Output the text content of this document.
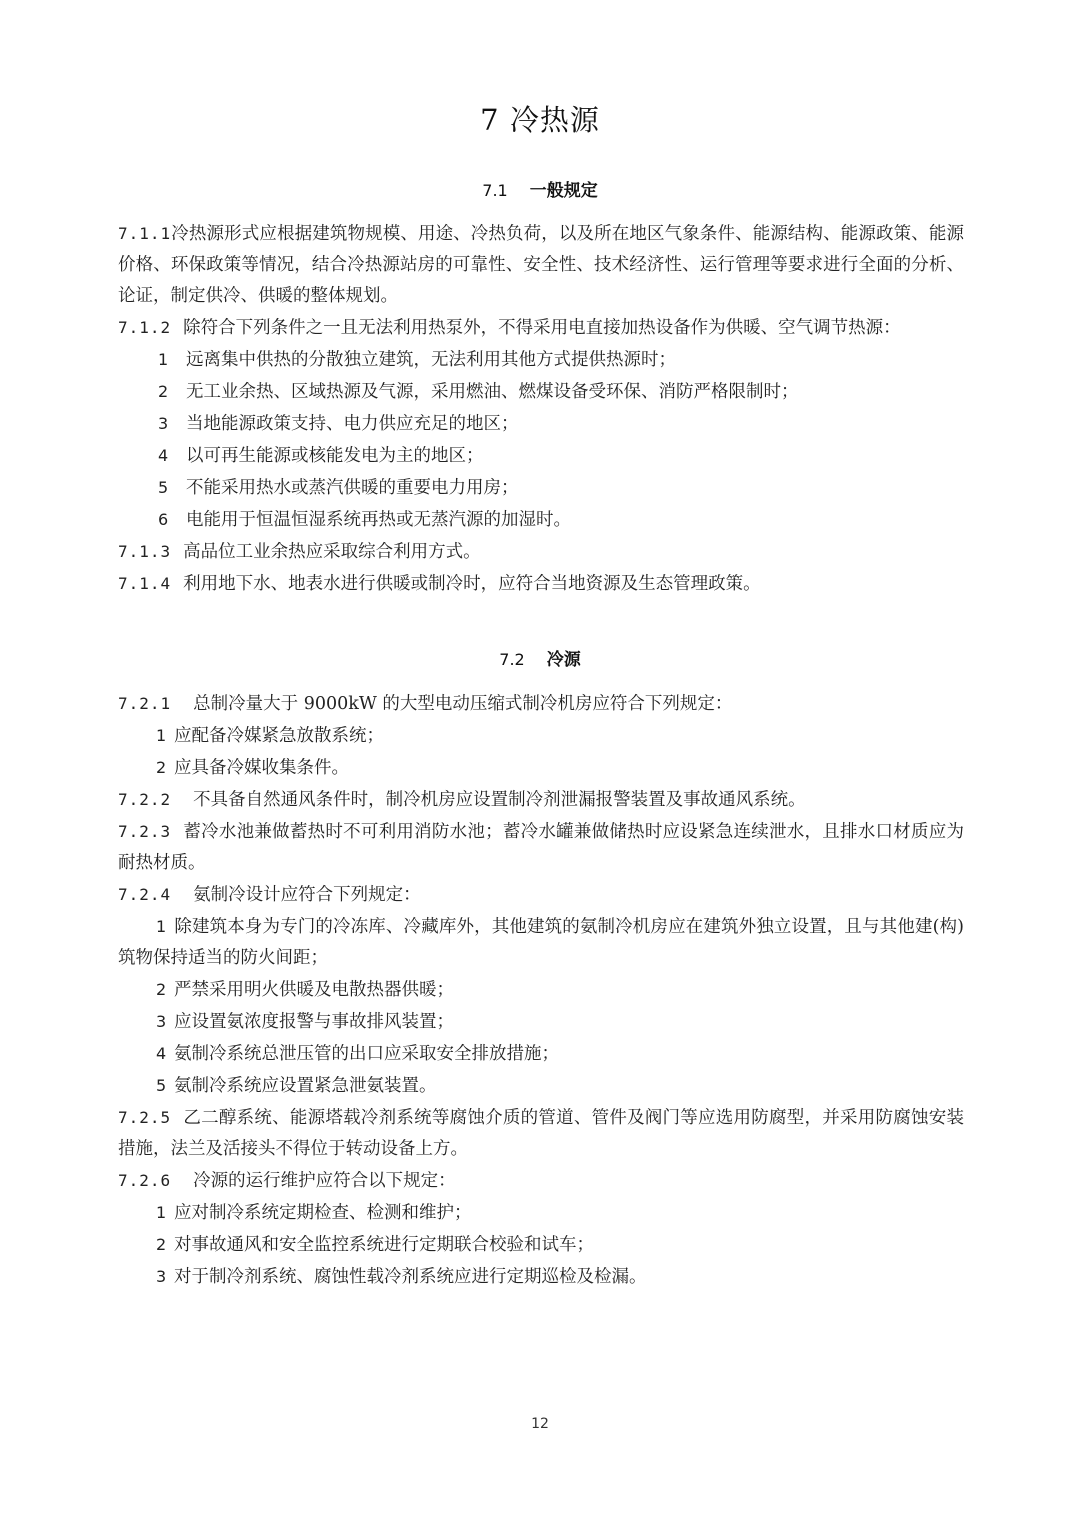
7 冷热源
7.1 一般规定

7.1.1冷热源形式应根据建筑物规模、用途、冷热负荷，以及所在地区气象条件、能源结构、能源政策、能源价格、环保政策等情况，结合冷热源站房的可靠性、安全性、技术经济性、运行管理等要求进行全面的分析、论证，制定供冷、供暖的整体规划。

7.1.2 除符合下列条件之一且无法利用热泵外，不得采用电直接加热设备作为供暖、空气调节热源：

1 远离集中供热的分散独立建筑，无法利用其他方式提供热源时；

2 无工业余热、区域热源及气源，采用燃油、燃煤设备受环保、消防严格限制时；

3 当地能源政策支持、电力供应充足的地区；

4 以可再生能源或核能发电为主的地区；

5 不能采用热水或蒸汽供暖的重要电力用房；

6 电能用于恒温恒湿系统再热或无蒸汽源的加湿时。

7.1.3 高品位工业余热应采取综合利用方式。

7.1.4 利用地下水、地表水进行供暖或制冷时，应符合当地资源及生态管理政策。

7.2 冷源

7.2.1 总制冷量大于 9000kW 的大型电动压缩式制冷机房应符合下列规定：

1 应配备冷媒紧急放散系统；

2 应具备冷媒收集条件。

7.2.2 不具备自然通风条件时，制冷机房应设置制冷剂泄漏报警装置及事故通风系统。

7.2.3 蓄冷水池兼做蓄热时不可利用消防水池；蓄冷水罐兼做储热时应设紧急连续泄水，且排水口材质应为耐热材质。

7.2.4 氨制冷设计应符合下列规定：

1 除建筑本身为专门的冷冻库、冷藏库外，其他建筑的氨制冷机房应在建筑外独立设置，且与其他建(构)筑物保持适当的防火间距；

2 严禁采用明火供暖及电散热器供暖；

3 应设置氨浓度报警与事故排风装置；

4 氨制冷系统总泄压管的出口应采取安全排放措施；

5 氨制冷系统应设置紧急泄氨装置。

7.2.5 乙二醇系统、能源塔载冷剂系统等腐蚀介质的管道、管件及阀门等应选用防腐型，并采用防腐蚀安装措施，法兰及活接头不得位于转动设备上方。

7.2.6 冷源的运行维护应符合以下规定：

1 应对制冷系统定期检查、检测和维护；

2 对事故通风和安全监控系统进行定期联合校验和试车；

3 对于制冷剂系统、腐蚀性载冷剂系统应进行定期巡检及检漏。

12
